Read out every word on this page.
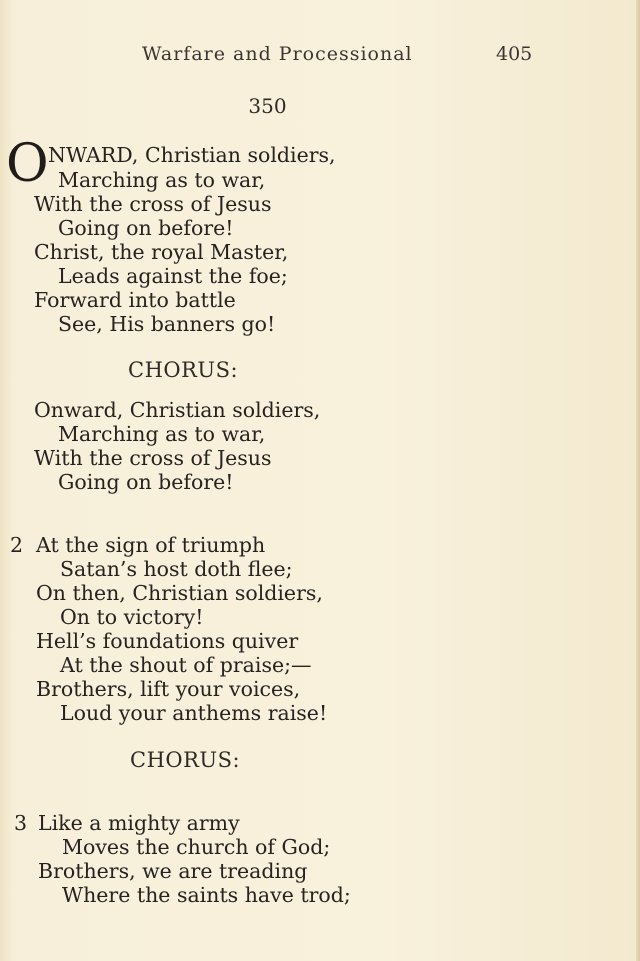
Warfare and Processional	405
350
O NWARD, Christian soldiers,
Marching as to war,
With the cross of Jesus
Going on before!
Christ, the royal Master,
Leads against the foe;
Forward into battle
See, His banners go!
CHORUS:
Onward, Christian soldiers,
Marching as to war,
With the cross of Jesus
Going on before!
2 At the sign of triumph
Satan’s host doth flee;
On then, Christian soldiers,
On to victory!
Hell’s foundations quiver
At the shout of praise;—
Brothers, lift your voices,
Loud your anthems raise!
CHORUS:
3 Like a mighty army
Moves the church of God;
Brothers, we are treading
Where the saints have trod;
